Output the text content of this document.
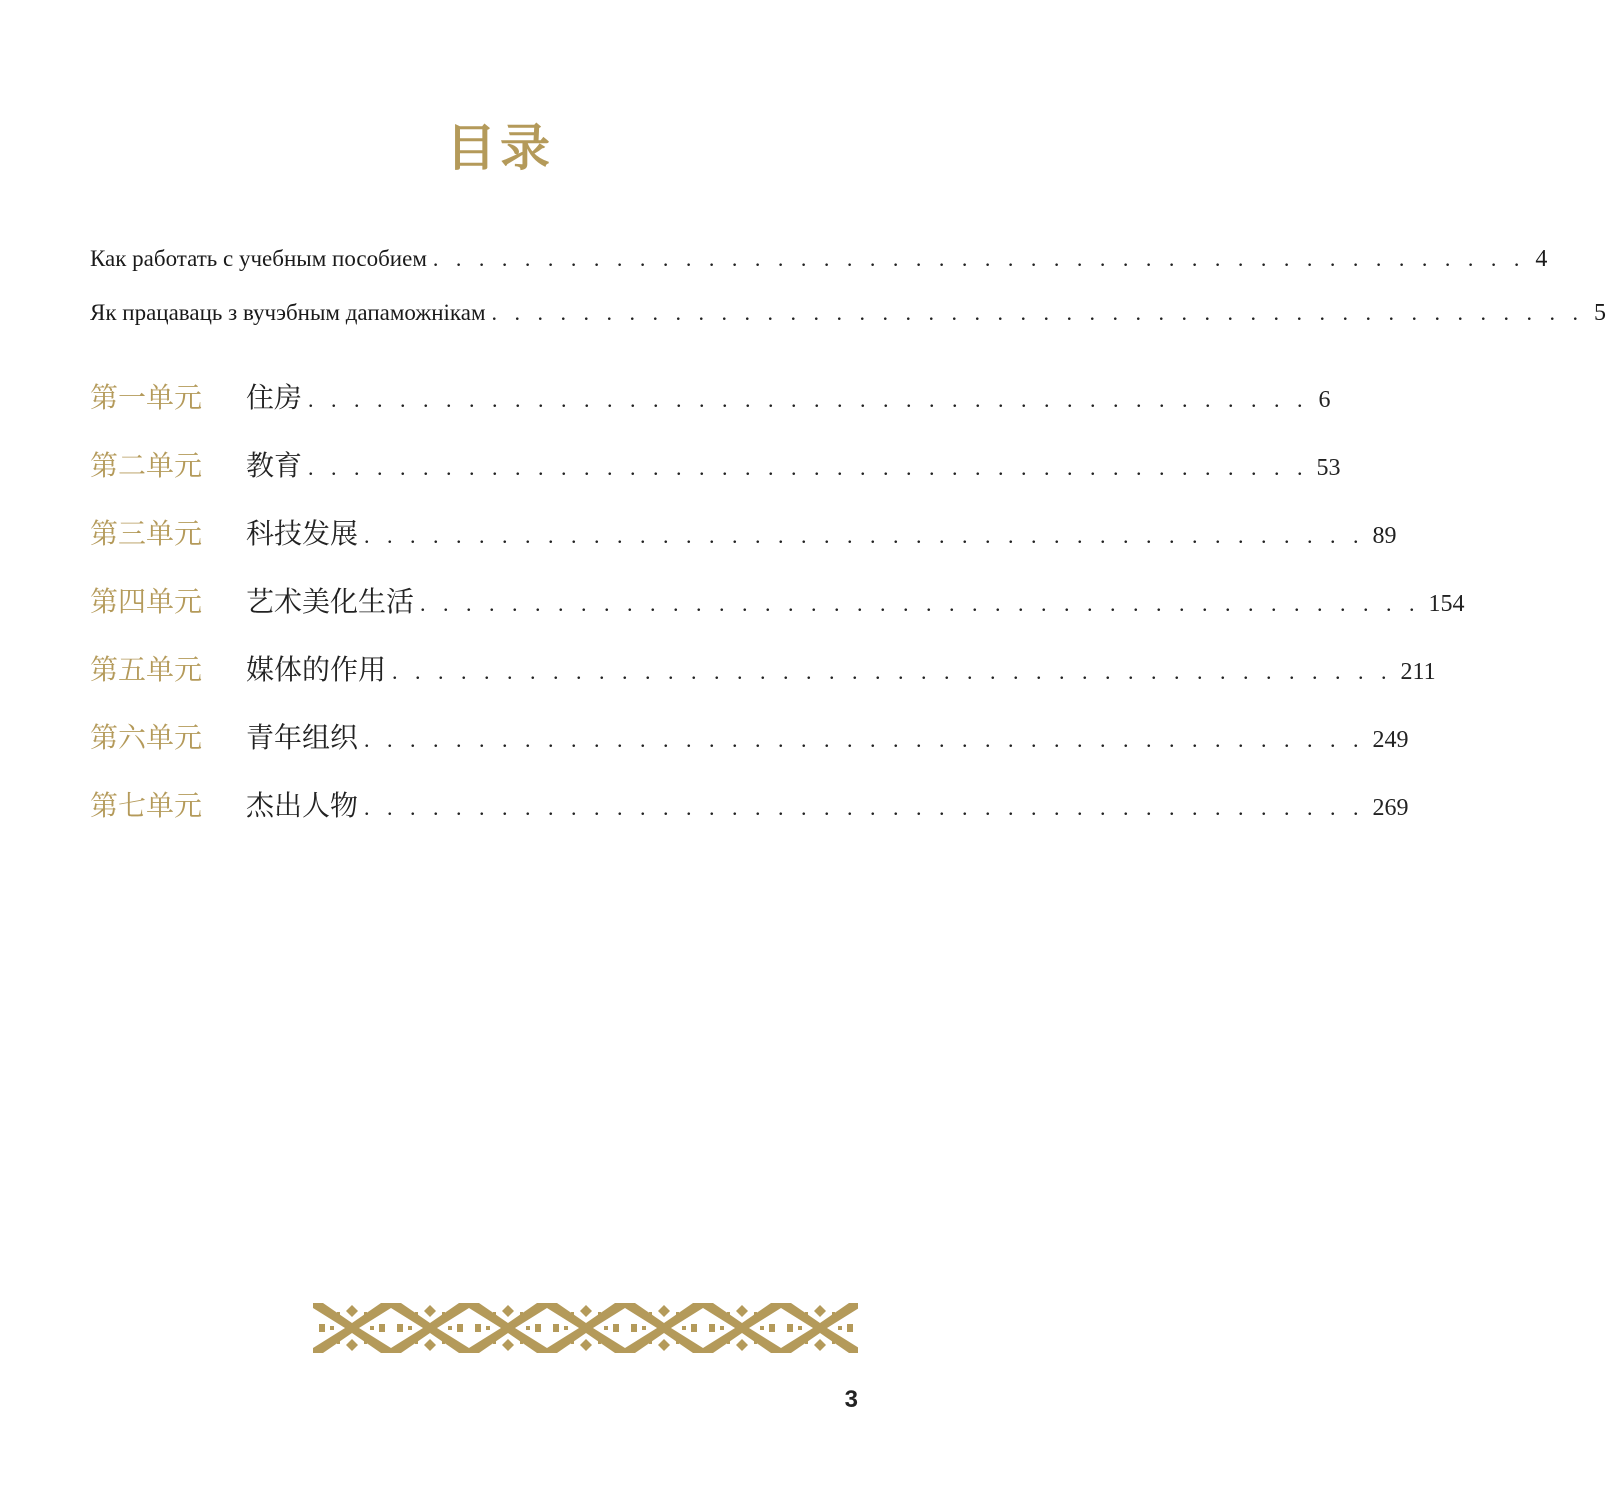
目录
Как работать с учебным пособием . . . . . . . . . . . . . . . . . . . . . . . . . . . . . . . . . . . . . . . . . . . . . . . . 4
Як працаваць з вучэбным дапаможнікам . . . . . . . . . . . . . . . . . . . . . . . . . . . . . . . . . . . . . . . . . . . . . . . . 5
第一单元	住房 . . . . . . . . . . . . . . . . . . . . . . . . . . . . . . . . . . . . . . . . . . . . 6
第二单元	教育 . . . . . . . . . . . . . . . . . . . . . . . . . . . . . . . . . . . . . . . . . . . . 53
第三单元	科技发展 . . . . . . . . . . . . . . . . . . . . . . . . . . . . . . . . . . . . . . . . . . . . 89
第四单元	艺术美化生活 . . . . . . . . . . . . . . . . . . . . . . . . . . . . . . . . . . . . . . . . . . . . 154
第五单元	媒体的作用 . . . . . . . . . . . . . . . . . . . . . . . . . . . . . . . . . . . . . . . . . . . . 211
第六单元	青年组织 . . . . . . . . . . . . . . . . . . . . . . . . . . . . . . . . . . . . . . . . . . . . 249
第七单元	杰出人物 . . . . . . . . . . . . . . . . . . . . . . . . . . . . . . . . . . . . . . . . . . . . 269
3
